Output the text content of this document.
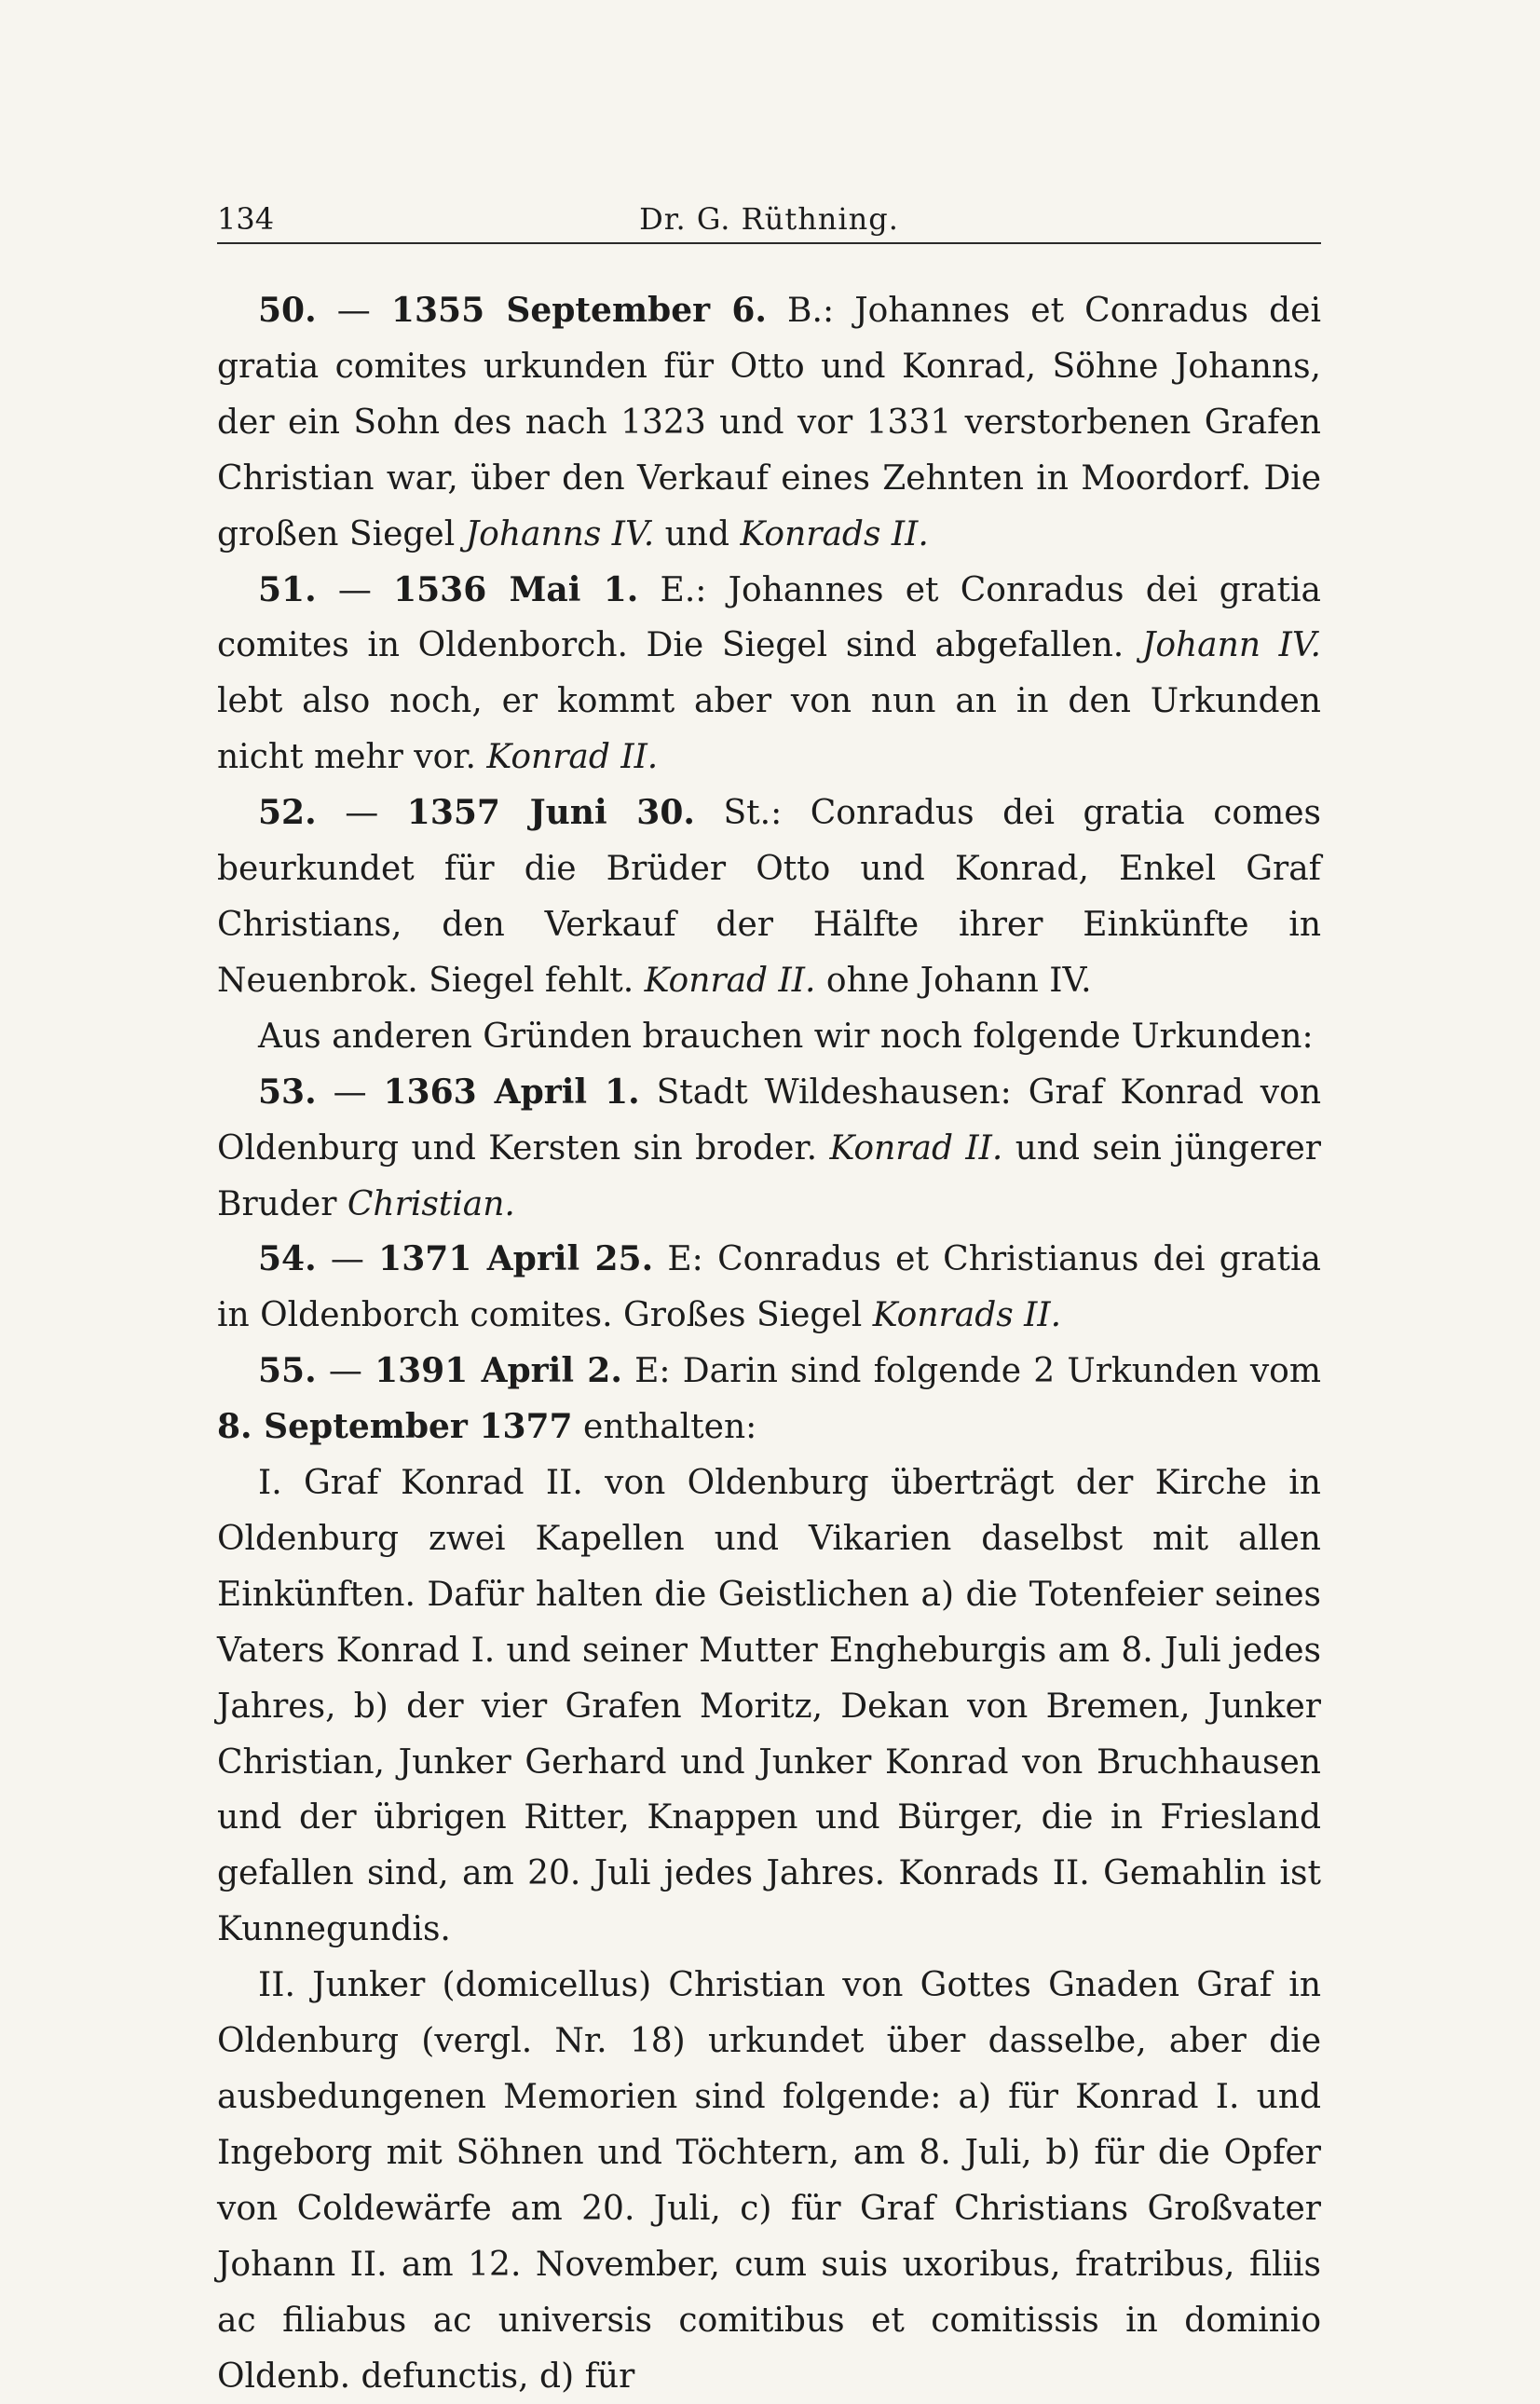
134	Dr. G. Rüthning.

50. — 1355 September 6. B.: Johannes et Conradus dei gratia comites urkunden für Otto und Konrad, Söhne Johanns, der ein Sohn des nach 1323 und vor 1331 verstorbenen Grafen Christian war, über den Verkauf eines Zehnten in Moordorf. Die großen Siegel Johanns IV. und Konrads II.

51. — 1536 Mai 1. E.: Johannes et Conradus dei gratia comites in Oldenborch. Die Siegel sind abgefallen. Johann IV. lebt also noch, er kommt aber von nun an in den Urkunden nicht mehr vor. Konrad II.

52. — 1357 Juni 30. St.: Conradus dei gratia comes beurkundet für die Brüder Otto und Konrad, Enkel Graf Christians, den Verkauf der Hälfte ihrer Einkünfte in Neuenbrok. Siegel fehlt. Konrad II. ohne Johann IV.

Aus anderen Gründen brauchen wir noch folgende Urkunden:

53. — 1363 April 1. Stadt Wildeshausen: Graf Konrad von Oldenburg und Kersten sin broder. Konrad II. und sein jüngerer Bruder Christian.

54. — 1371 April 25. E: Conradus et Christianus dei gratia in Oldenborch comites. Großes Siegel Konrads II.

55. — 1391 April 2. E: Darin sind folgende 2 Urkunden vom 8. September 1377 enthalten:

I. Graf Konrad II. von Oldenburg überträgt der Kirche in Oldenburg zwei Kapellen und Vikarien daselbst mit allen Einkünften. Dafür halten die Geistlichen a) die Totenfeier seines Vaters Konrad I. und seiner Mutter Engheburgis am 8. Juli jedes Jahres, b) der vier Grafen Moritz, Dekan von Bremen, Junker Christian, Junker Gerhard und Junker Konrad von Bruchhausen und der übrigen Ritter, Knappen und Bürger, die in Friesland gefallen sind, am 20. Juli jedes Jahres. Konrads II. Gemahlin ist Kunnegundis.

II. Junker (domicellus) Christian von Gottes Gnaden Graf in Oldenburg (vergl. Nr. 18) urkundet über dasselbe, aber die ausbedungenen Memorien sind folgende: a) für Konrad I. und Ingeborg mit Söhnen und Töchtern, am 8. Juli, b) für die Opfer von Coldewärfe am 20. Juli, c) für Graf Christians Großvater Johann II. am 12. November, cum suis uxoribus, fratribus, filiis ac filiabus ac universis comitibus et comitissis in dominio Oldenb. defunctis, d) für
